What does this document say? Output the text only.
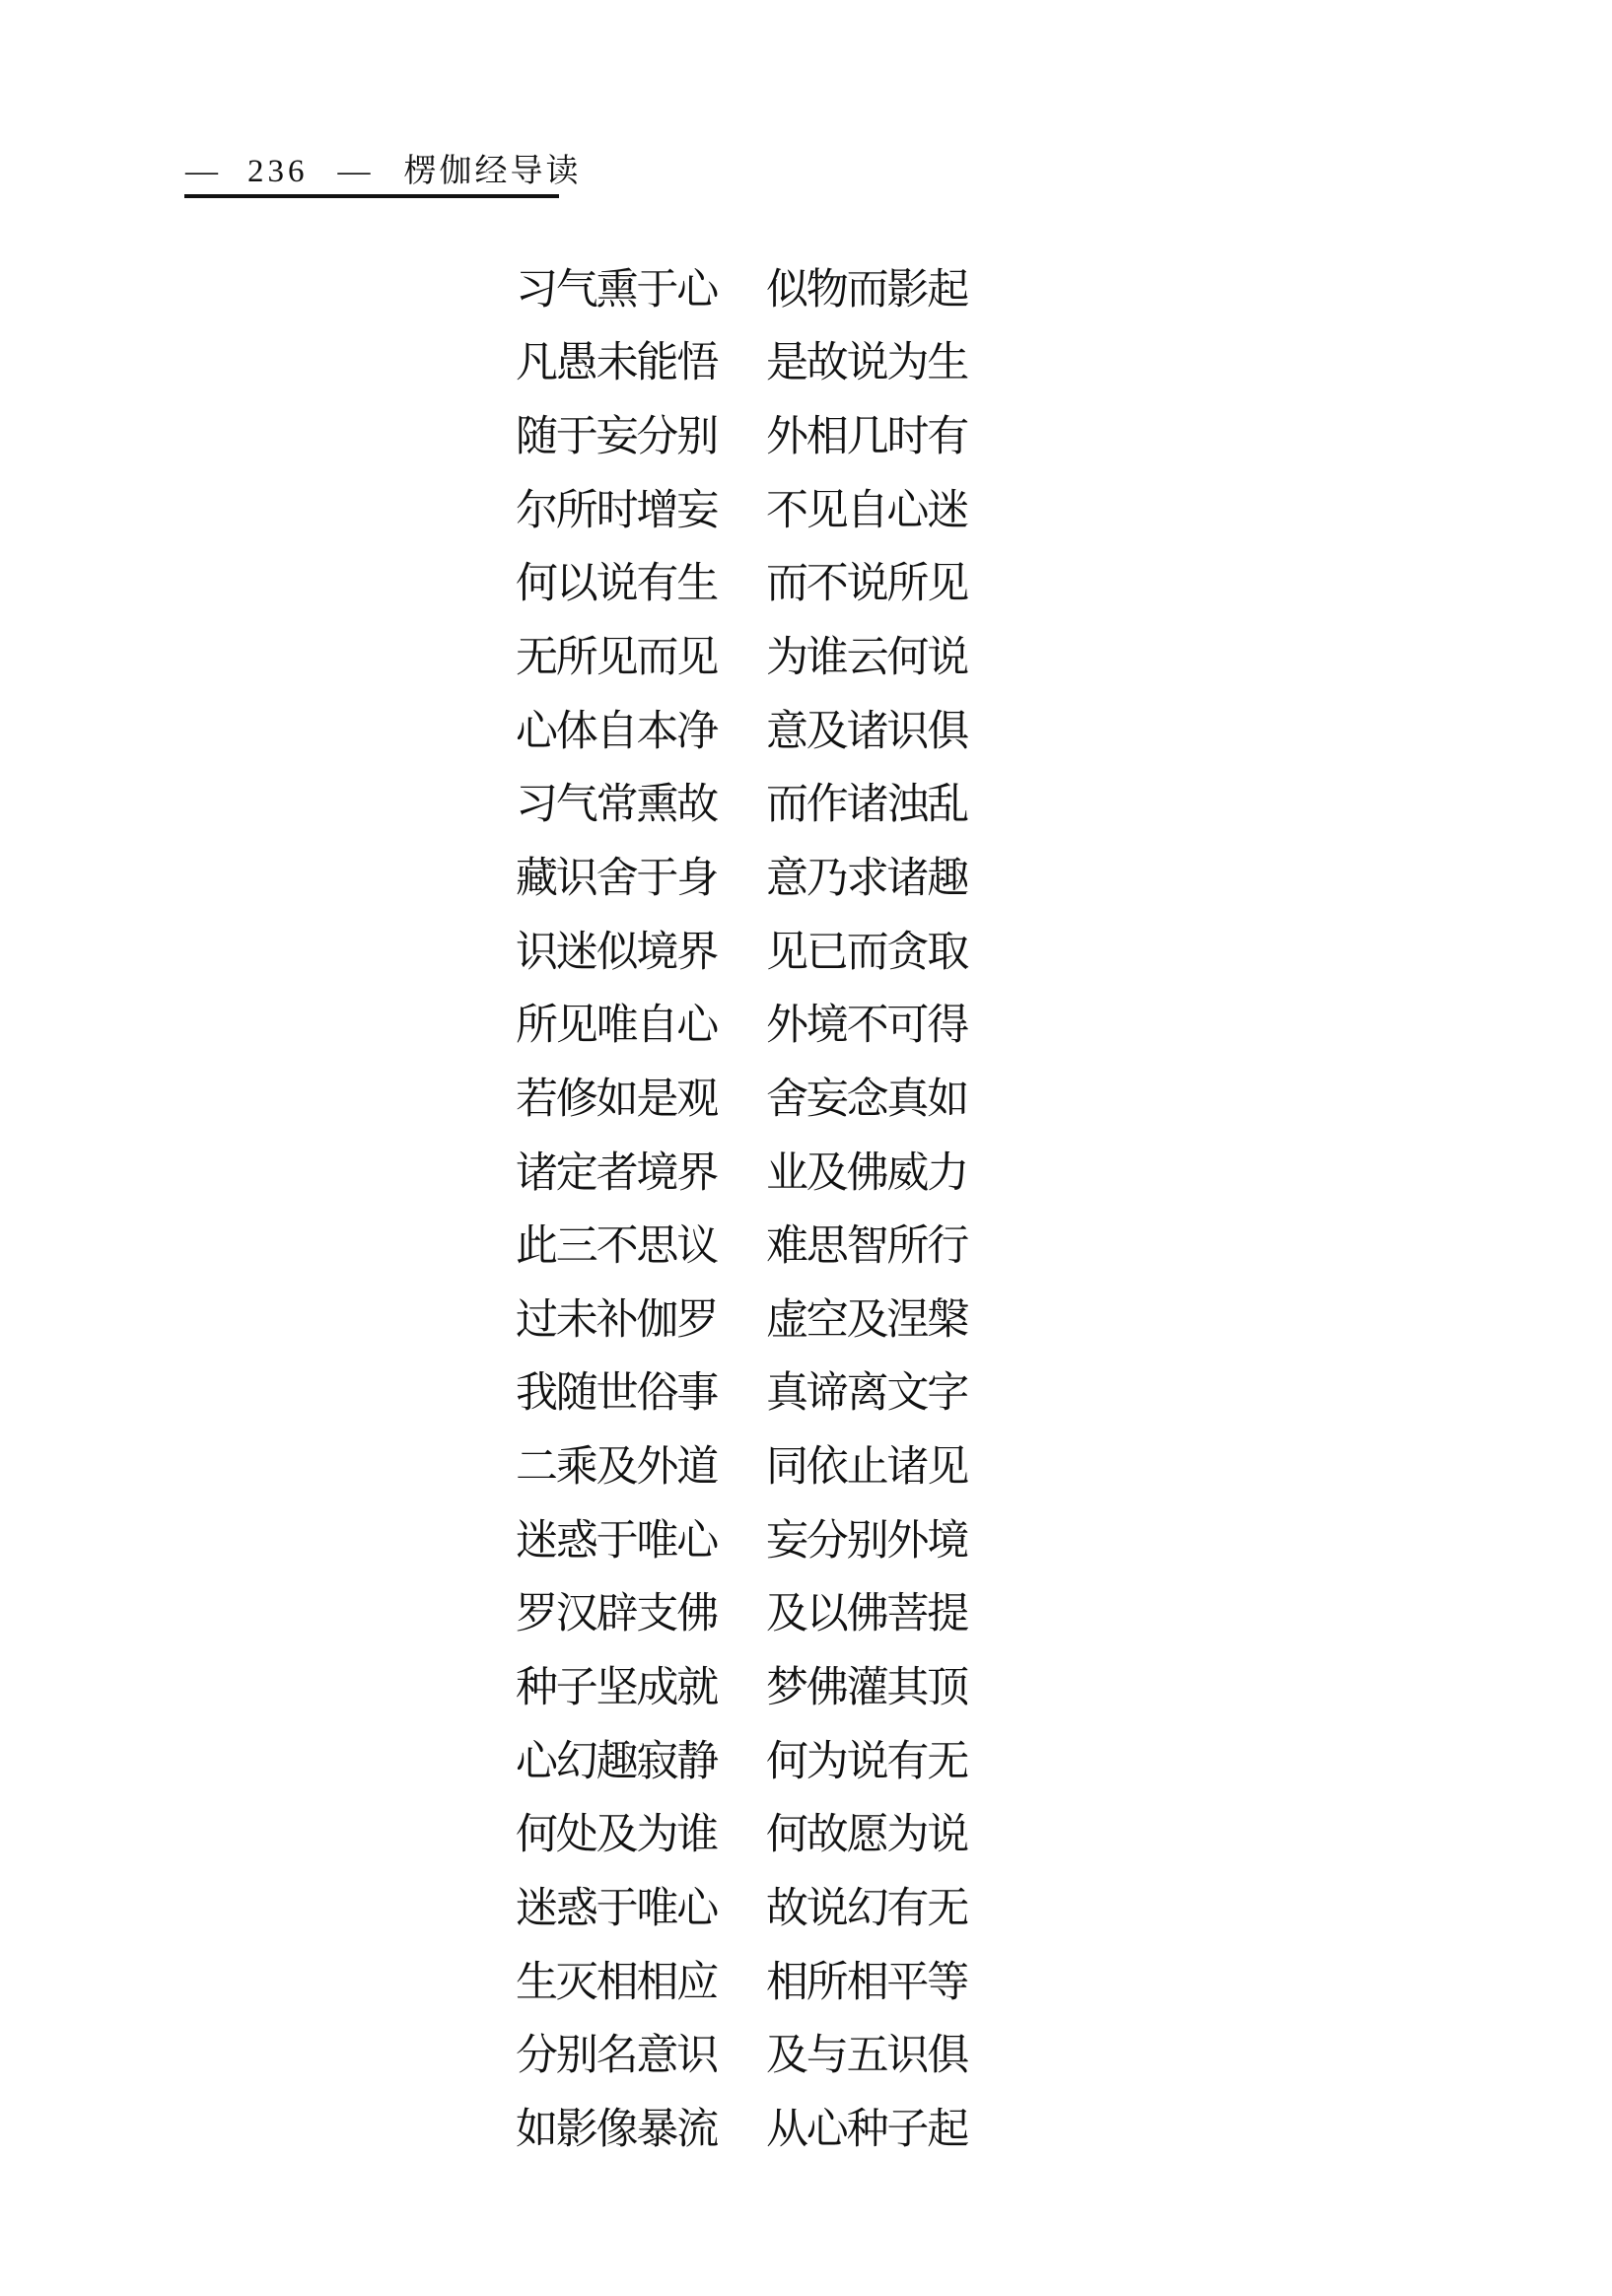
— 236 — 楞伽经导读
习气熏于心 似物而影起
凡愚未能悟 是故说为生
随于妄分别 外相几时有
尔所时增妄 不见自心迷
何以说有生 而不说所见
无所见而见 为谁云何说
心体自本净 意及诸识俱
习气常熏故 而作诸浊乱
藏识舍于身 意乃求诸趣
识迷似境界 见已而贪取
所见唯自心 外境不可得
若修如是观 舍妄念真如
诸定者境界 业及佛威力
此三不思议 难思智所行
过未补伽罗 虚空及涅槃
我随世俗事 真谛离文字
二乘及外道 同依止诸见
迷惑于唯心 妄分别外境
罗汉辟支佛 及以佛菩提
种子坚成就 梦佛灌其顶
心幻趣寂静 何为说有无
何处及为谁 何故愿为说
迷惑于唯心 故说幻有无
生灭相相应 相所相平等
分别名意识 及与五识俱
如影像暴流 从心种子起
